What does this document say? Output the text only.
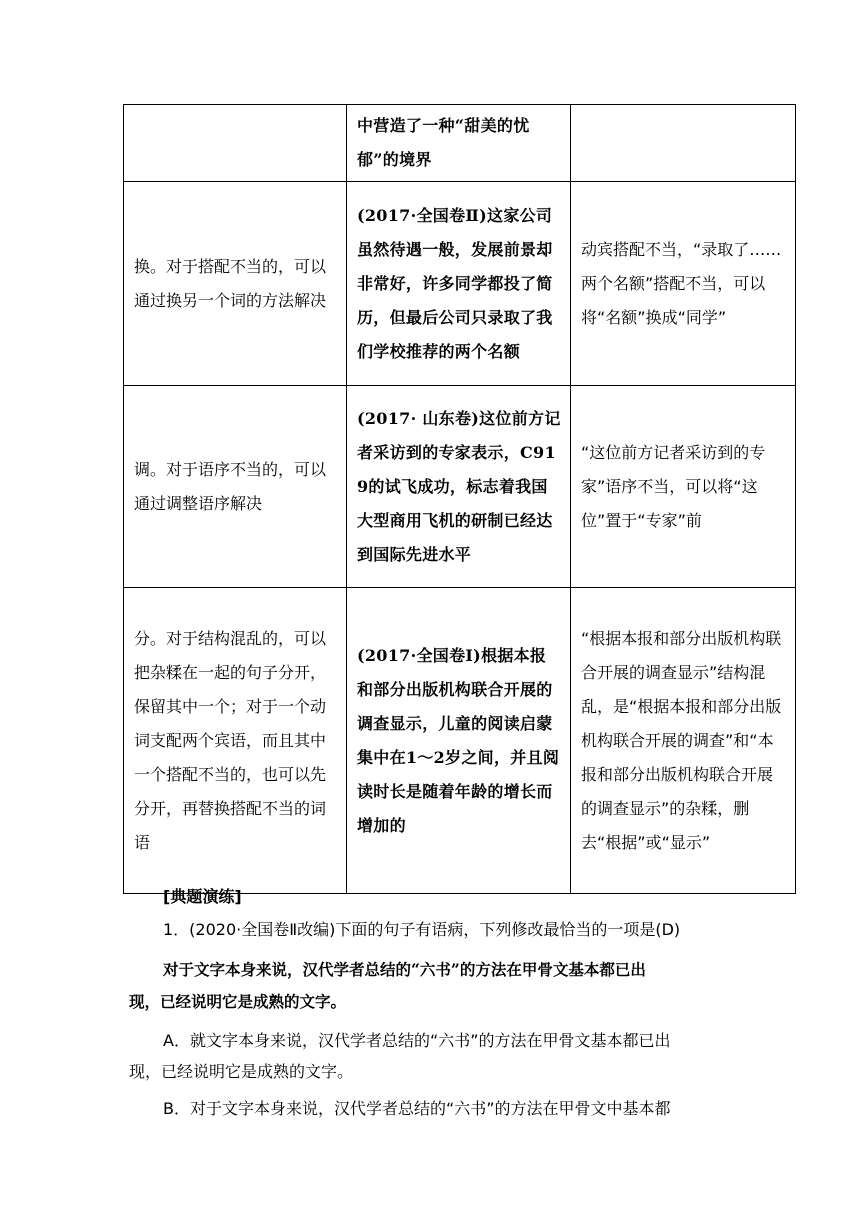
	中营造了一种“甜美的忧郁”的境界	
换。对于搭配不当的，可以通过换另一个词的方法解决	(2017·全国卷Ⅱ)这家公司虽然待遇一般，发展前景却非常好，许多同学都投了简历，但最后公司只录取了我们学校推荐的两个名额	动宾搭配不当，“录取了……两个名额”搭配不当，可以将“名额”换成“同学”
调。对于语序不当的，可以通过调整语序解决	(2017· 山东卷)这位前方记者采访到的专家表示，C919的试飞成功，标志着我国大型商用飞机的研制已经达到国际先进水平	“这位前方记者采访到的专家”语序不当，可以将“这位”置于“专家”前
分。对于结构混乱的，可以把杂糅在一起的句子分开，保留其中一个；对于一个动词支配两个宾语，而且其中一个搭配不当的，也可以先分开，再替换搭配不当的词语	(2017·全国卷Ⅰ)根据本报和部分出版机构联合开展的调查显示，儿童的阅读启蒙集中在1～2岁之间，并且阅读时长是随着年龄的增长而增加的	“根据本报和部分出版机构联合开展的调查显示”结构混乱，是“根据本报和部分出版机构联合开展的调查”和“本报和部分出版机构联合开展的调查显示”的杂糅，删去“根据”或“显示”
[典题演练]
1．(2020·全国卷Ⅱ改编)下面的句子有语病，下列修改最恰当的一项是(D)
对于文字本身来说，汉代学者总结的“六书”的方法在甲骨文基本都已出
现，已经说明它是成熟的文字。
A．就文字本身来说，汉代学者总结的“六书”的方法在甲骨文基本都已出
现，已经说明它是成熟的文字。
B．对于文字本身来说，汉代学者总结的“六书”的方法在甲骨文中基本都
